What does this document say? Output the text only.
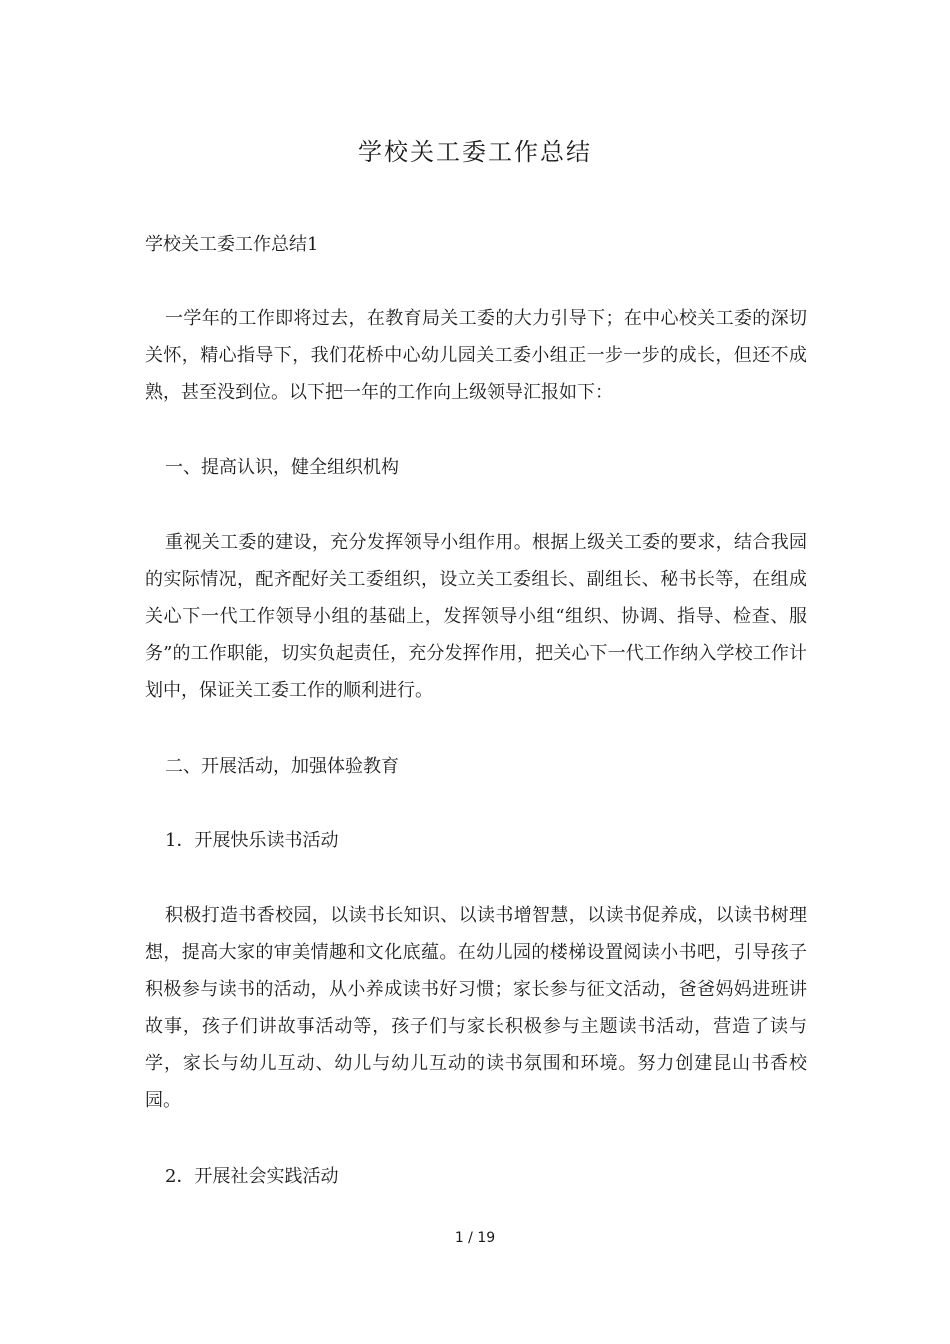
学校关工委工作总结

学校关工委工作总结1

一学年的工作即将过去，在教育局关工委的大力引导下；在中心校关工委的深切关怀，精心指导下，我们花桥中心幼儿园关工委小组正一步一步的成长，但还不成熟，甚至没到位。以下把一年的工作向上级领导汇报如下：

一、提高认识，健全组织机构

重视关工委的建设，充分发挥领导小组作用。根据上级关工委的要求，结合我园的实际情况，配齐配好关工委组织，设立关工委组长、副组长、秘书长等，在组成关心下一代工作领导小组的基础上，发挥领导小组“组织、协调、指导、检查、服务”的工作职能，切实负起责任，充分发挥作用，把关心下一代工作纳入学校工作计划中，保证关工委工作的顺利进行。

二、开展活动，加强体验教育

1．开展快乐读书活动

积极打造书香校园，以读书长知识、以读书增智慧，以读书促养成，以读书树理想，提高大家的审美情趣和文化底蕴。在幼儿园的楼梯设置阅读小书吧，引导孩子积极参与读书的活动，从小养成读书好习惯；家长参与征文活动，爸爸妈妈进班讲故事，孩子们讲故事活动等，孩子们与家长积极参与主题读书活动，营造了读与学，家长与幼儿互动、幼儿与幼儿互动的读书氛围和环境。努力创建昆山书香校园。

2．开展社会实践活动

1 / 19
